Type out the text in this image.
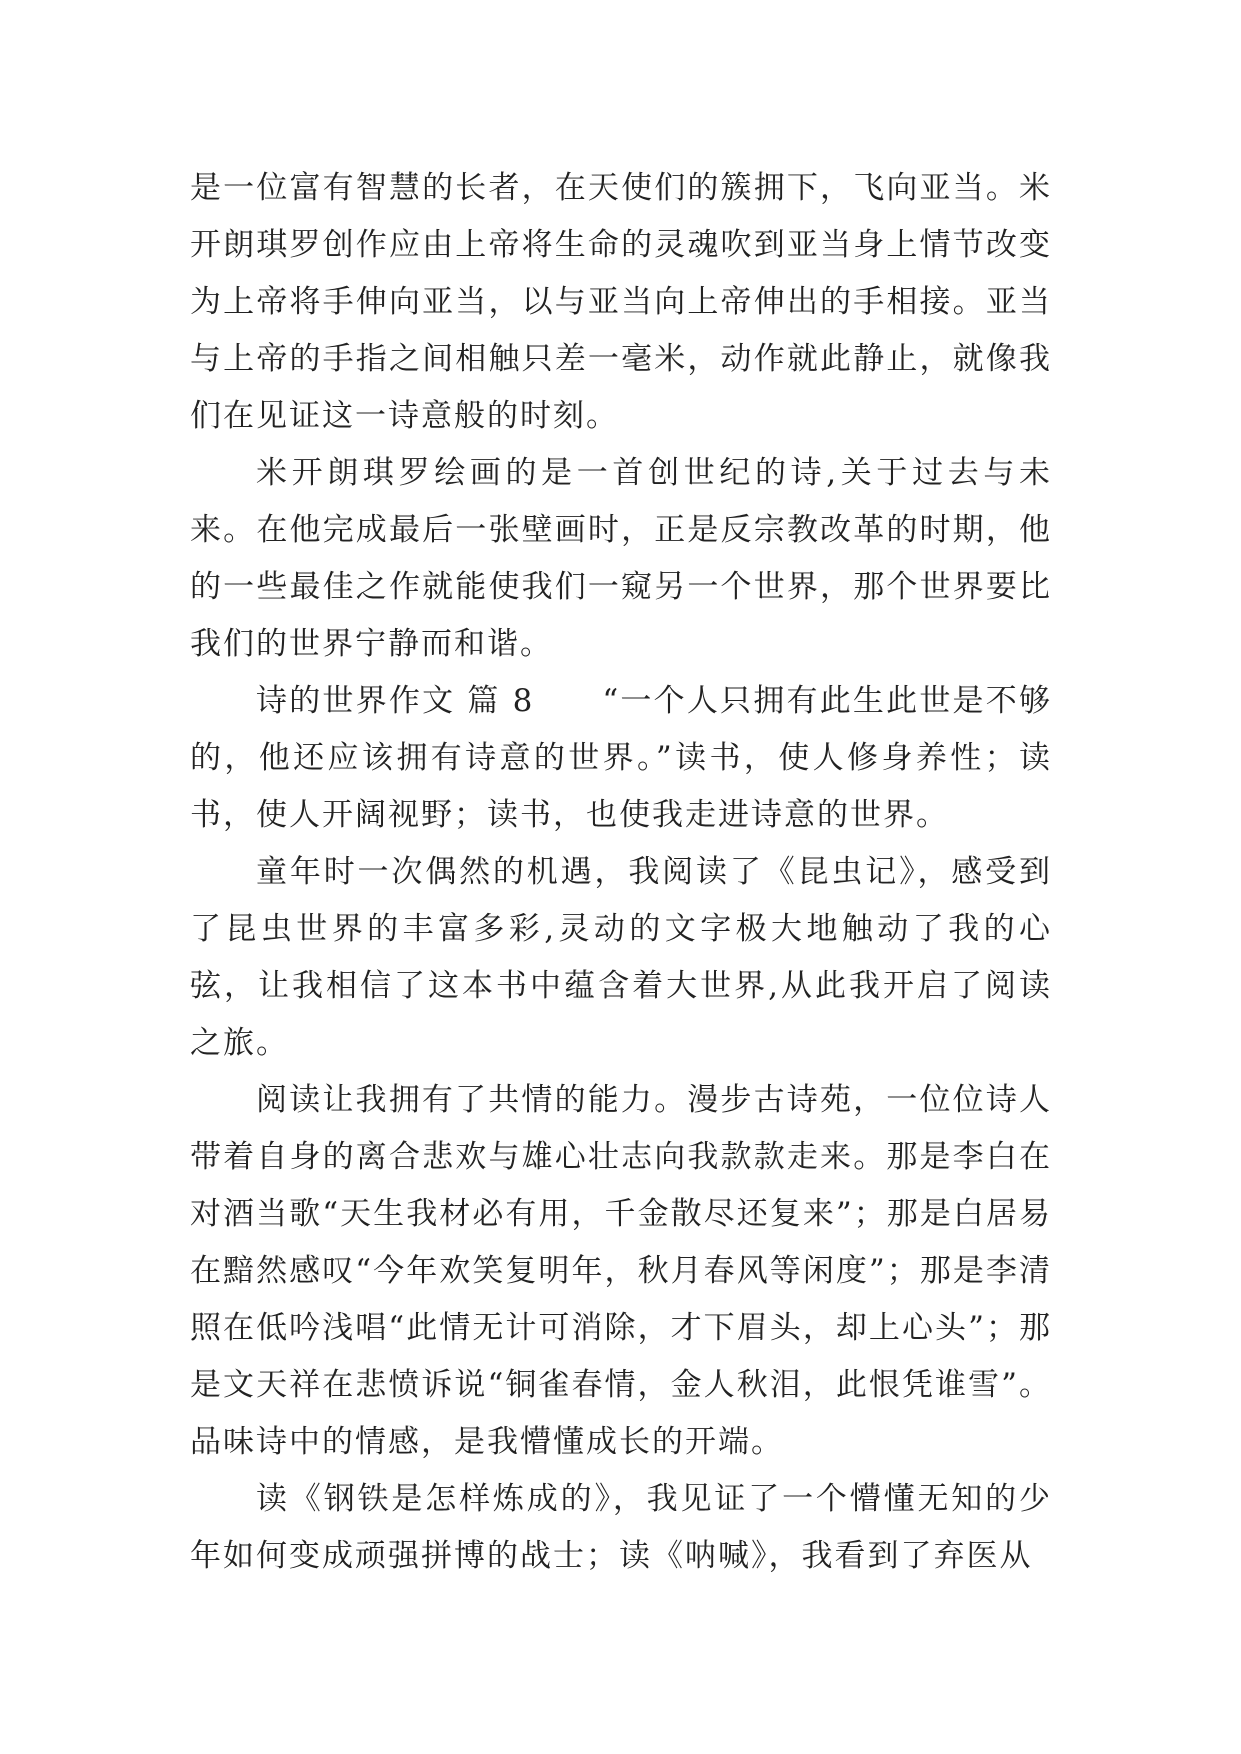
是一位富有智慧的长者，在天使们的簇拥下，飞向亚当。米开朗琪罗创作应由上帝将生命的灵魂吹到亚当身上情节改变为上帝将手伸向亚当，以与亚当向上帝伸出的手相接。亚当与上帝的手指之间相触只差一毫米，动作就此静止，就像我们在见证这一诗意般的时刻。

米开朗琪罗绘画的是一首创世纪的诗,关于过去与未来。在他完成最后一张壁画时，正是反宗教改革的时期，他的一些最佳之作就能使我们一窥另一个世界，那个世界要比我们的世界宁静而和谐。

诗的世界作文 篇 8 “一个人只拥有此生此世是不够的，他还应该拥有诗意的世界。”读书，使人修身养性；读书，使人开阔视野；读书，也使我走进诗意的世界。

童年时一次偶然的机遇，我阅读了《昆虫记》，感受到了昆虫世界的丰富多彩,灵动的文字极大地触动了我的心弦，让我相信了这本书中蕴含着大世界,从此我开启了阅读之旅。

阅读让我拥有了共情的能力。漫步古诗苑，一位位诗人带着自身的离合悲欢与雄心壮志向我款款走来。那是李白在对酒当歌“天生我材必有用，千金散尽还复来”；那是白居易在黯然感叹“今年欢笑复明年，秋月春风等闲度”；那是李清照在低吟浅唱“此情无计可消除，才下眉头，却上心头”；那是文天祥在悲愤诉说“铜雀春情，金人秋泪，此恨凭谁雪”。品味诗中的情感，是我懵懂成长的开端。

读《钢铁是怎样炼成的》，我见证了一个懵懂无知的少年如何变成顽强拼博的战士；读《呐喊》，我看到了弃医从
